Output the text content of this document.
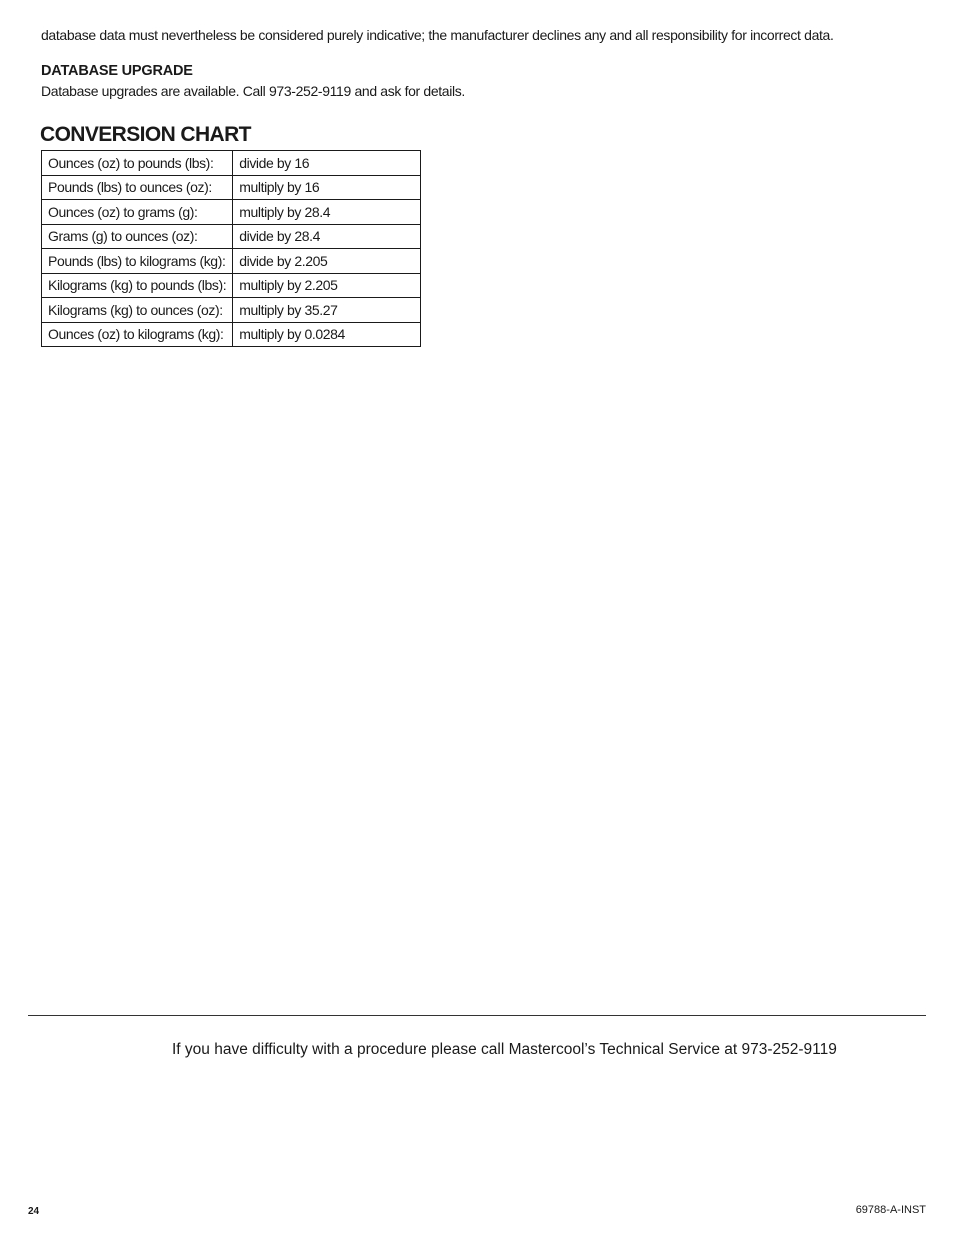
database data must nevertheless be considered purely indicative; the manufacturer declines any and all responsibility for incorrect data.
DATABASE UPGRADE
Database upgrades are available. Call 973-252-9119 and ask for details.
CONVERSION CHART
Ounces (oz) to pounds (lbs):	divide by 16
Pounds (lbs) to ounces (oz):	multiply by 16
Ounces (oz) to grams (g):	multiply by 28.4
Grams (g) to ounces (oz):	divide by 28.4
Pounds (lbs) to kilograms (kg):	divide by 2.205
Kilograms (kg) to pounds (lbs):	multiply by 2.205
Kilograms (kg) to ounces (oz):	multiply by 35.27
Ounces (oz) to kilograms (kg):	multiply by 0.0284
If you have difficulty with a procedure please call Mastercool’s Technical Service at 973-252-9119
24	69788-A-INST
